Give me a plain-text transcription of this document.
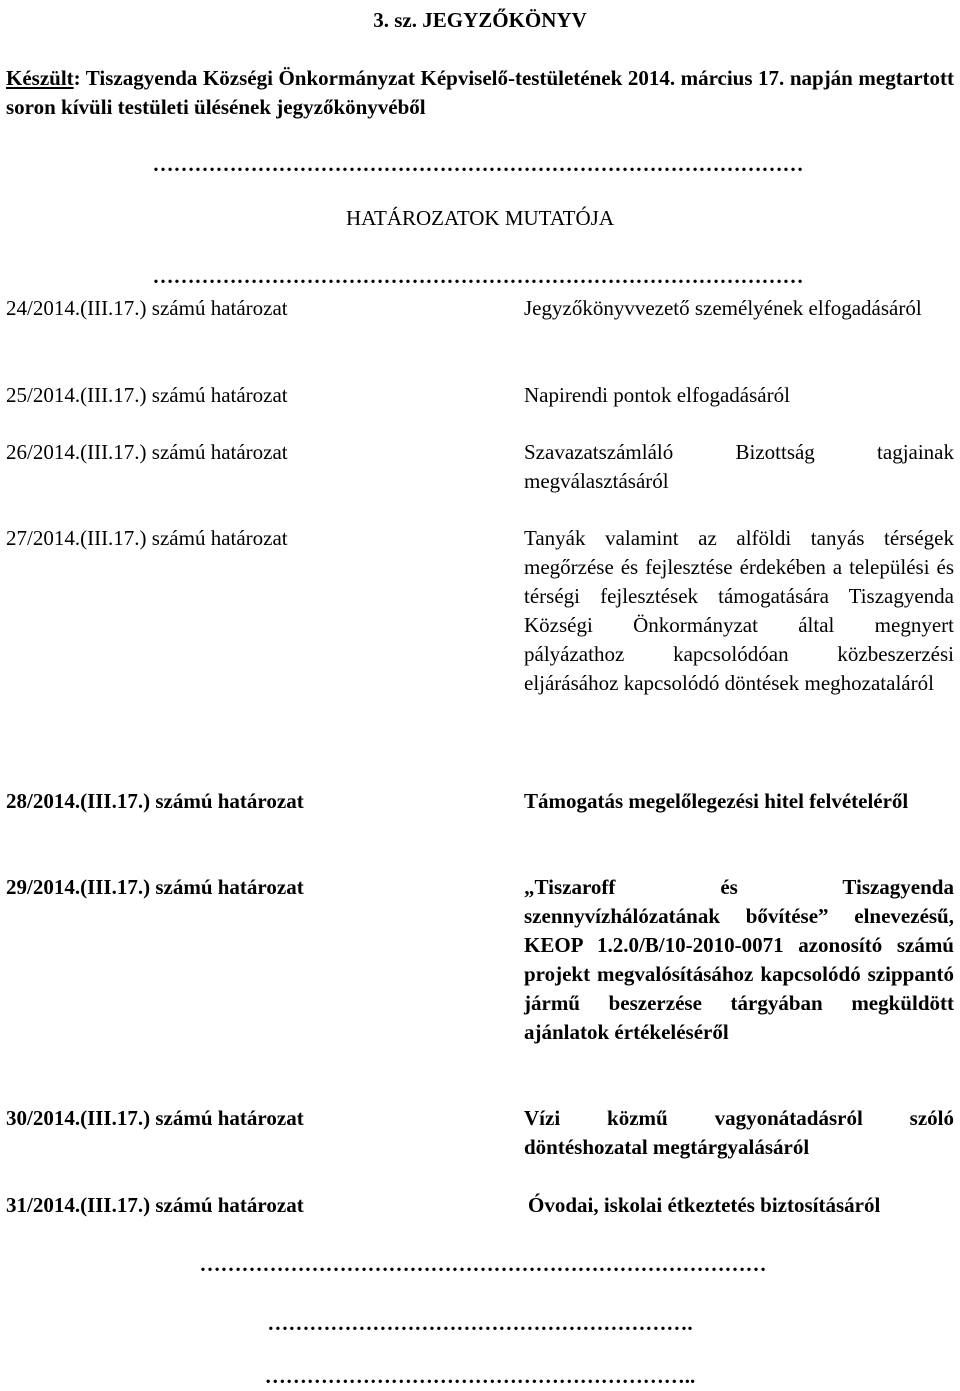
3. sz. JEGYZŐKÖNYV
Készült: Tiszagyenda Községi Önkormányzat Képviselő-testületének 2014. március 17. napján megtartott soron kívüli testületi ülésének jegyzőkönyvéből
…………………………………………………………………………………
HATÁROZATOK MUTATÓJA
…………………………………………………………………………………
24/2014.(III.17.) számú határozat	Jegyzőkönyvvezető személyének elfogadásáról
25/2014.(III.17.) számú határozat	Napirendi pontok elfogadásáról
26/2014.(III.17.) számú határozat	Szavazatszámláló Bizottság tagjainak megválasztásáról
27/2014.(III.17.) számú határozat	Tanyák valamint az alföldi tanyás térségek megőrzése és fejlesztése érdekében a települési és térségi fejlesztések támogatására Tiszagyenda Községi Önkormányzat által megnyert pályázathoz kapcsolódóan közbeszerzési eljárásához kapcsolódó döntések meghozataláról
28/2014.(III.17.) számú határozat	Támogatás megelőlegezési hitel felvételéről
29/2014.(III.17.) számú határozat	„Tiszaroff és Tiszagyenda szennyvízhálózatának bővítése” elnevezésű, KEOP 1.2.0/B/10-2010-0071 azonosító számú projekt megvalósításához kapcsolódó szippantó jármű beszerzése tárgyában megküldött ajánlatok értékeléséről
30/2014.(III.17.) számú határozat	Vízi közmű vagyonátadásról szóló döntéshozatal megtárgyalásáról
31/2014.(III.17.) számú határozat	Óvodai, iskolai étkeztetés biztosításáról
………………………………………………………………………
…………………………………………………….
……………………………………………………..
